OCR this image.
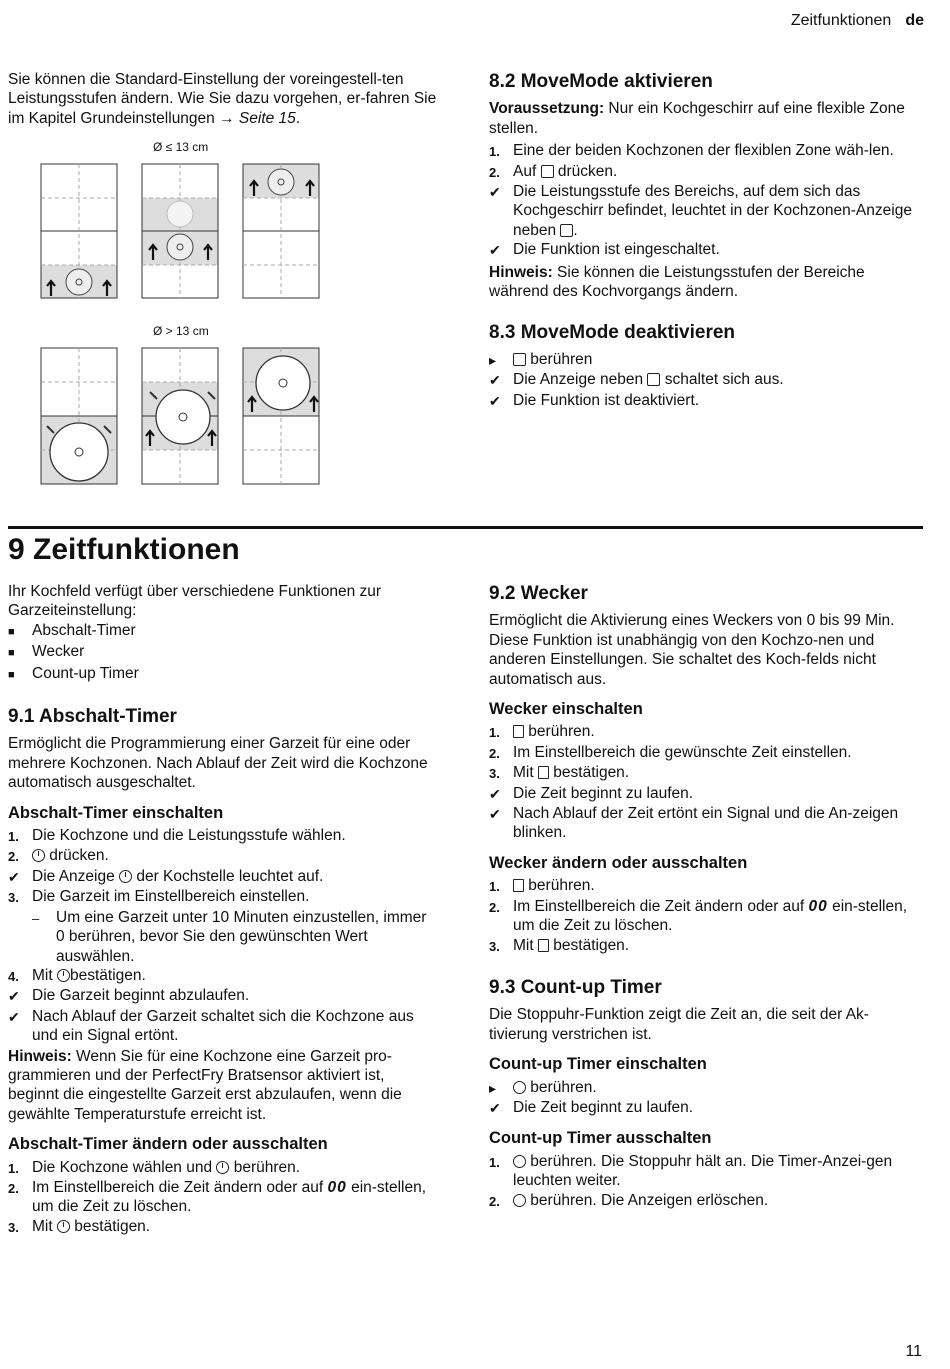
Zeitfunktionen de

Sie können die Standard-Einstellung der voreingestell-ten Leistungsstufen ändern. Wie Sie dazu vorgehen, er-fahren Sie im Kapitel Grundeinstellungen → Seite 15.

Ø ≤ 13 cm
Ø > 13 cm
8.2 MoveMode aktivieren

Voraussetzung: Nur ein Kochgeschirr auf eine flexible Zone stellen.

1. Eine der beiden Kochzonen der flexiblen Zone wäh-len.
2. Auf  drücken.
✔ Die Leistungsstufe des Bereichs, auf dem sich das Kochgeschirr befindet, leuchtet in der Kochzonen-Anzeige neben .
✔ Die Funktion ist eingeschaltet.

Hinweis: Sie können die Leistungsstufen der Bereiche während des Kochvorgangs ändern.

8.3 MoveMode deaktivieren
▸	berühren
✔ Die Anzeige neben  schaltet sich aus.
✔ Die Funktion ist deaktiviert.
9 Zeitfunktionen

Ihr Kochfeld verfügt über verschiedene Funktionen zur Garzeiteinstellung:

■	Abschalt-Timer
■	Wecker
■	Count-up Timer
9.1 Abschalt-Timer

Ermöglicht die Programmierung einer Garzeit für eine oder mehrere Kochzonen. Nach Ablauf der Zeit wird die Kochzone automatisch ausgeschaltet.

Abschalt-Timer einschalten
1. Die Kochzone und die Leistungsstufe wählen.
2.	drücken.
✔ Die Anzeige  der Kochstelle leuchtet auf.
3. Die Garzeit im Einstellbereich einstellen.
–	Um eine Garzeit unter 10 Minuten einzustellen, immer 0 berühren, bevor Sie den gewünschten Wert auswählen.
4. Mit bestätigen.
✔ Die Garzeit beginnt abzulaufen.
✔ Nach Ablauf der Garzeit schaltet sich die Kochzone aus und ein Signal ertönt.

Hinweis: Wenn Sie für eine Kochzone eine Garzeit pro-grammieren und der PerfectFry Bratsensor aktiviert ist, beginnt die eingestellte Garzeit erst abzulaufen, wenn die gewählte Temperaturstufe erreicht ist.

Abschalt-Timer ändern oder ausschalten
1. Die Kochzone wählen und  berühren.
2. Im Einstellbereich die Zeit ändern oder auf 00 ein-stellen, um die Zeit zu löschen.
3. Mit  bestätigen.
9.2 Wecker

Ermöglicht die Aktivierung eines Weckers von 0 bis 99 Min. Diese Funktion ist unabhängig von den Kochzo-nen und anderen Einstellungen. Sie schaltet des Koch-felds nicht automatisch aus.

Wecker einschalten
1.	berühren.
2. Im Einstellbereich die gewünschte Zeit einstellen.
3. Mit  bestätigen.
✔ Die Zeit beginnt zu laufen.
✔ Nach Ablauf der Zeit ertönt ein Signal und die An-zeigen blinken.
Wecker ändern oder ausschalten
1.	berühren.
2. Im Einstellbereich die Zeit ändern oder auf 00 ein-stellen, um die Zeit zu löschen.
3. Mit  bestätigen.
9.3 Count-up Timer

Die Stoppuhr-Funktion zeigt die Zeit an, die seit der Ak-tivierung verstrichen ist.

Count-up Timer einschalten
▸	berühren.
✔ Die Zeit beginnt zu laufen.
Count-up Timer ausschalten
1.	berühren. Die Stoppuhr hält an. Die Timer-Anzei-gen leuchten weiter.
2.	berühren. Die Anzeigen erlöschen.
11
